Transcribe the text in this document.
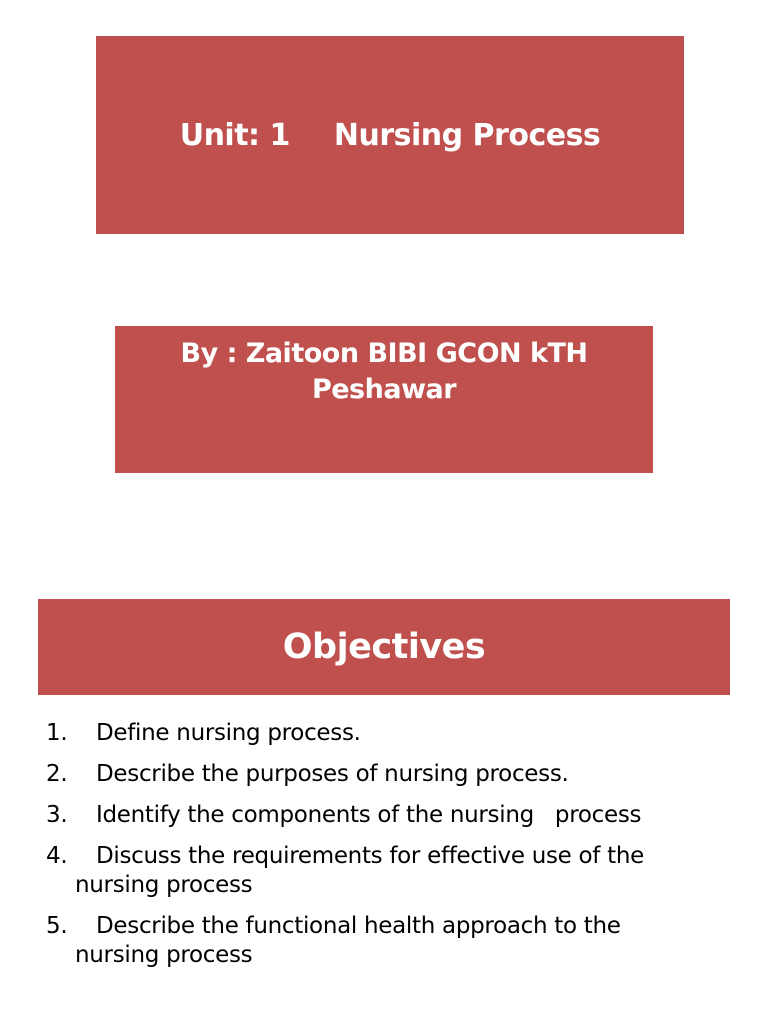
Unit: 1 Nursing Process
By : Zaitoon BIBI GCON kTH
Peshawar
Objectives
1. Define nursing process.
2. Describe the purposes of nursing process.
3. Identify the components of the nursing   process
4. Discuss the requirements for effective use of the
nursing process
5. Describe the functional health approach to the
nursing process
